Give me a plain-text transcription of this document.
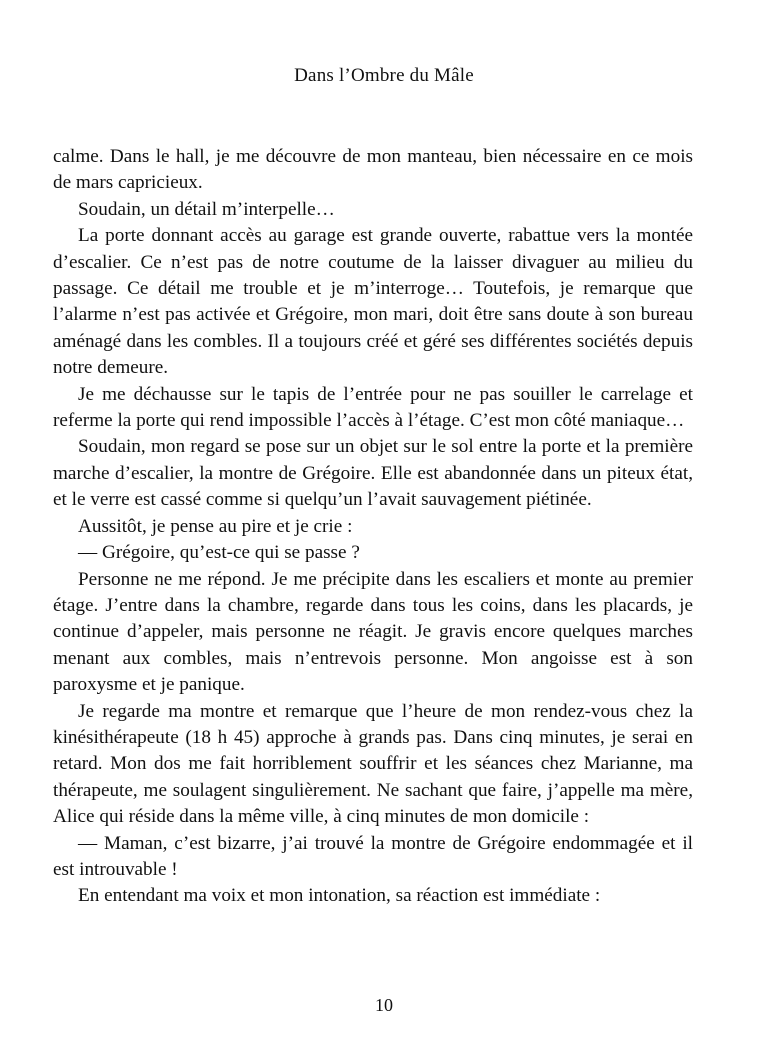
Dans l’Ombre du Mâle

calme. Dans le hall, je me découvre de mon manteau, bien nécessaire en ce mois de mars capricieux.

Soudain, un détail m’interpelle…

La porte donnant accès au garage est grande ouverte, rabattue vers la montée d’escalier. Ce n’est pas de notre coutume de la laisser divaguer au milieu du passage. Ce détail me trouble et je m’interroge… Toutefois, je remarque que l’alarme n’est pas activée et Grégoire, mon mari, doit être sans doute à son bureau aménagé dans les combles. Il a toujours créé et géré ses différentes sociétés depuis notre demeure.

Je me déchausse sur le tapis de l’entrée pour ne pas souiller le carrelage et referme la porte qui rend impossible l’accès à l’étage. C’est mon côté maniaque…

Soudain, mon regard se pose sur un objet sur le sol entre la porte et la première marche d’escalier, la montre de Grégoire. Elle est abandonnée dans un piteux état, et le verre est cassé comme si quelqu’un l’avait sauvagement piétinée.

Aussitôt, je pense au pire et je crie :

— Grégoire, qu’est-ce qui se passe ?

Personne ne me répond. Je me précipite dans les escaliers et monte au premier étage. J’entre dans la chambre, regarde dans tous les coins, dans les placards, je continue d’appeler, mais personne ne réagit. Je gravis encore quelques marches menant aux combles, mais n’entrevois personne. Mon angoisse est à son paroxysme et je panique.

Je regarde ma montre et remarque que l’heure de mon rendez-vous chez la kinésithérapeute (18 h 45) approche à grands pas. Dans cinq minutes, je serai en retard. Mon dos me fait horriblement souffrir et les séances chez Marianne, ma thérapeute, me soulagent singulièrement. Ne sachant que faire, j’appelle ma mère, Alice qui réside dans la même ville, à cinq minutes de mon domicile :

— Maman, c’est bizarre, j’ai trouvé la montre de Grégoire endommagée et il est introuvable !

En entendant ma voix et mon intonation, sa réaction est immédiate :

10
